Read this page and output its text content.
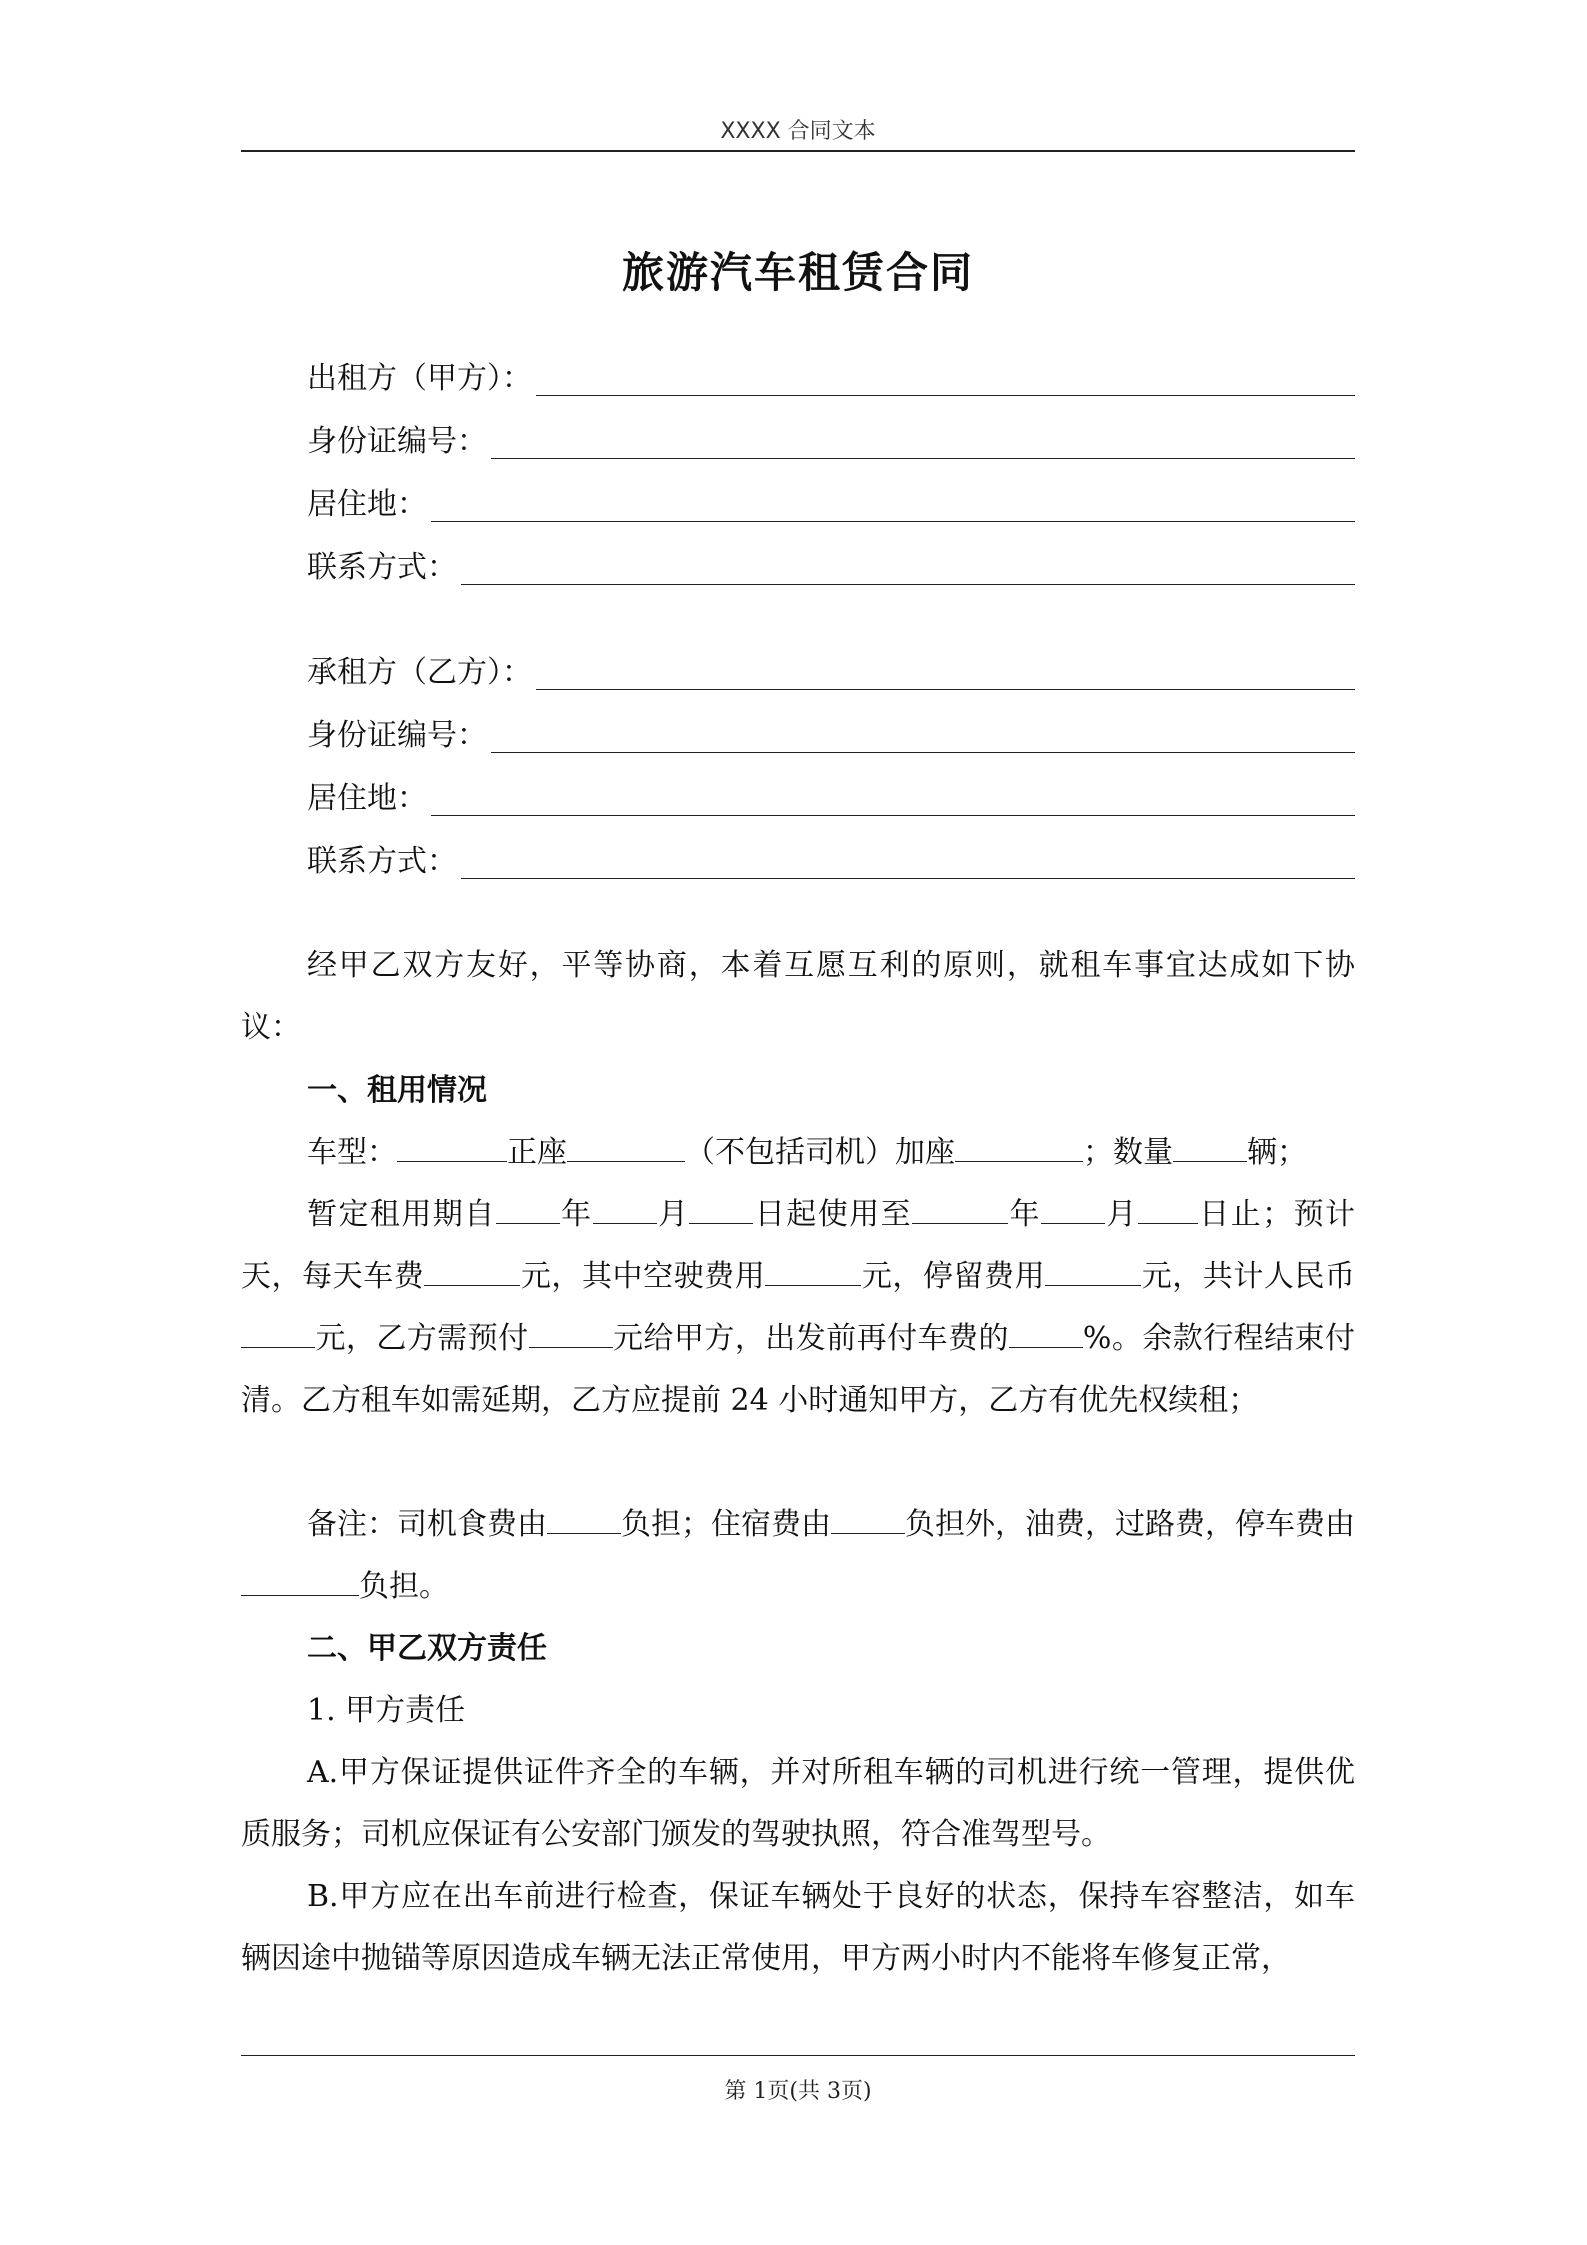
XXXX 合同文本
旅游汽车租赁合同
出租方（甲方）：
身份证编号：
居住地：
联系方式：
承租方（乙方）：
身份证编号：
居住地：
联系方式：
经甲乙双方友好，平等协商，本着互愿互利的原则，就租车事宜达成如下协议：
一、租用情况
车型：	正座	（不包括司机）加座	；数量 辆；
暂定租用期自 年 月 日起使用至	年 月 日止；预计天，每天车费	元，其中空驶费用	元，停留费用	元，共计人民币元，乙方需预付	元给甲方，出发前再付车费的 %。余款行程结束付清。乙方租车如需延期，乙方应提前 24 小时通知甲方，乙方有优先权续租；
备注：司机食费由 负担；住宿费由 负担外，油费，过路费，停车费由负担。
二、甲乙双方责任
1. 甲方责任
A.甲方保证提供证件齐全的车辆，并对所租车辆的司机进行统一管理，提供优质服务；司机应保证有公安部门颁发的驾驶执照，符合准驾型号。
B.甲方应在出车前进行检查，保证车辆处于良好的状态，保持车容整洁，如车辆因途中抛锚等原因造成车辆无法正常使用，甲方两小时内不能将车修复正常，
第 1页(共 3页)
